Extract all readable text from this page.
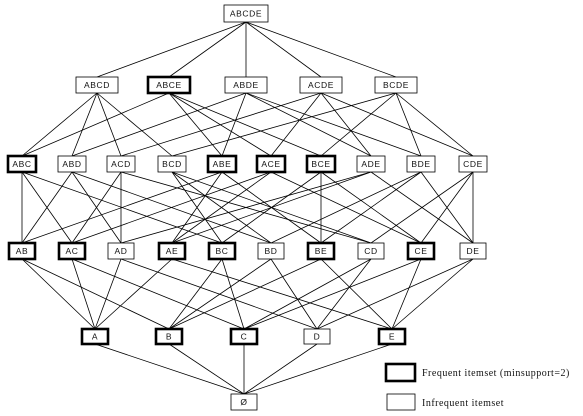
ABCDE
ABCD	ABCE	ABDE	ACDE	BCDE
ABC	ABD	ACD	BCD	ABE	ACE	BCE	ADE	BDE	CDE
AB	AC	AD	AE	BC	BD	BE	CD	CE	DE
A	B	C	D	E
Ø
Frequent itemset (minsupport=2)
Infrequent itemset
